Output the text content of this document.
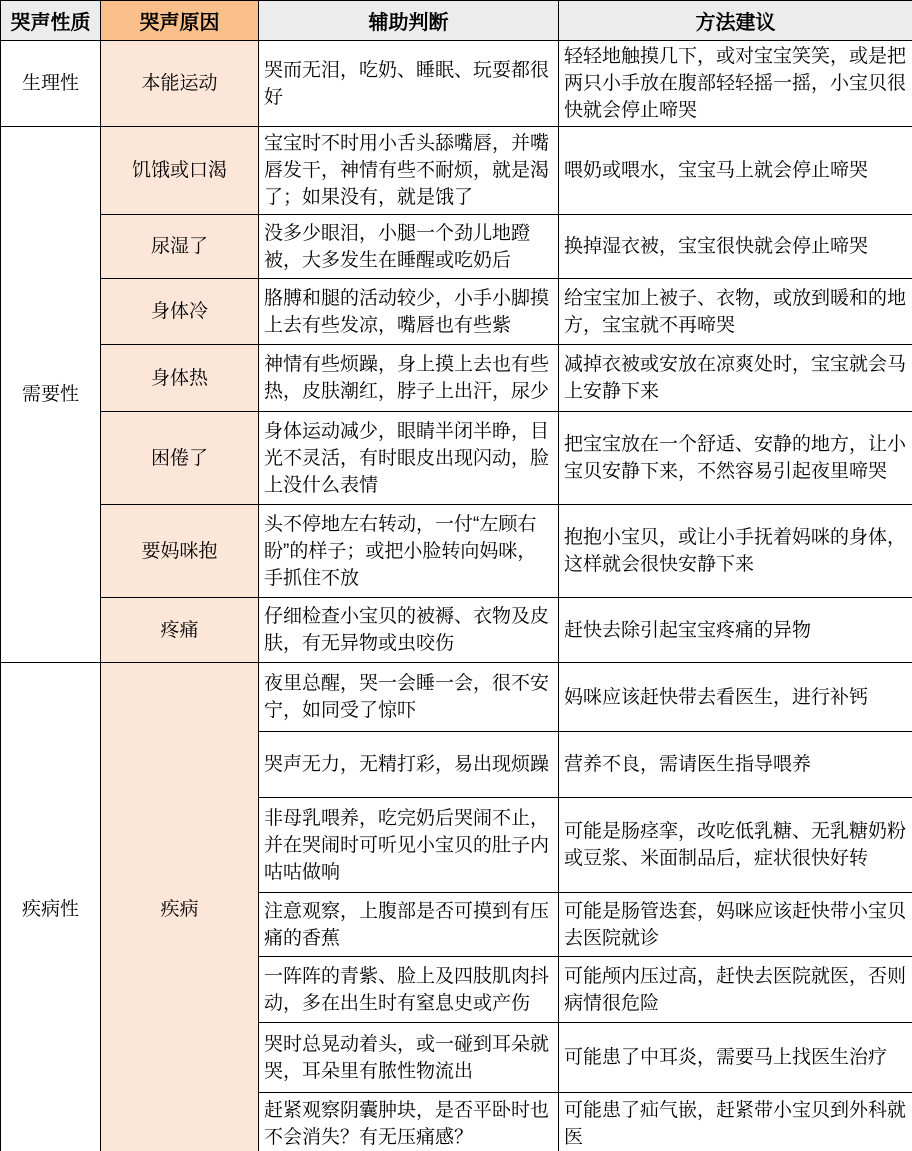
哭声性质	哭声原因	辅助判断	方法建议
生理性	本能运动	哭而无泪，吃奶、睡眠、玩耍都很好	轻轻地触摸几下，或对宝宝笑笑，或是把两只小手放在腹部轻轻摇一摇，小宝贝很快就会停止啼哭
需要性	饥饿或口渴	宝宝时不时用小舌头舔嘴唇，并嘴唇发干，神情有些不耐烦，就是渴了；如果没有，就是饿了	喂奶或喂水，宝宝马上就会停止啼哭
	尿湿了	没多少眼泪，小腿一个劲儿地蹬被，大多发生在睡醒或吃奶后	换掉湿衣被，宝宝很快就会停止啼哭
	身体冷	胳膊和腿的活动较少，小手小脚摸上去有些发凉，嘴唇也有些紫	给宝宝加上被子、衣物，或放到暖和的地方，宝宝就不再啼哭
	身体热	神情有些烦躁，身上摸上去也有些热，皮肤潮红，脖子上出汗，尿少	减掉衣被或安放在凉爽处时，宝宝就会马上安静下来
	困倦了	身体运动减少，眼睛半闭半睁，目光不灵活，有时眼皮出现闪动，脸上没什么表情	把宝宝放在一个舒适、安静的地方，让小宝贝安静下来，不然容易引起夜里啼哭
	要妈咪抱	头不停地左右转动，一付“左顾右盼”的样子；或把小脸转向妈咪，手抓住不放	抱抱小宝贝，或让小手抚着妈咪的身体，这样就会很快安静下来
	疼痛	仔细检查小宝贝的被褥、衣物及皮肤，有无异物或虫咬伤	赶快去除引起宝宝疼痛的异物
疾病性	疾病	夜里总醒，哭一会睡一会，很不安宁，如同受了惊吓	妈咪应该赶快带去看医生，进行补钙
		哭声无力，无精打彩，易出现烦躁	营养不良，需请医生指导喂养
		非母乳喂养，吃完奶后哭闹不止，并在哭闹时可听见小宝贝的肚子内咕咕做响	可能是肠痉挛，改吃低乳糖、无乳糖奶粉或豆浆、米面制品后，症状很快好转
		注意观察，上腹部是否可摸到有压痛的香蕉	可能是肠管迭套，妈咪应该赶快带小宝贝去医院就诊
		一阵阵的青紫、脸上及四肢肌肉抖动，多在出生时有窒息史或产伤	可能颅内压过高，赶快去医院就医，否则病情很危险
		哭时总晃动着头，或一碰到耳朵就哭，耳朵里有脓性物流出	可能患了中耳炎，需要马上找医生治疗
		赶紧观察阴囊肿块，是否平卧时也不会消失？有无压痛感？	可能患了疝气嵌，赶紧带小宝贝到外科就医
